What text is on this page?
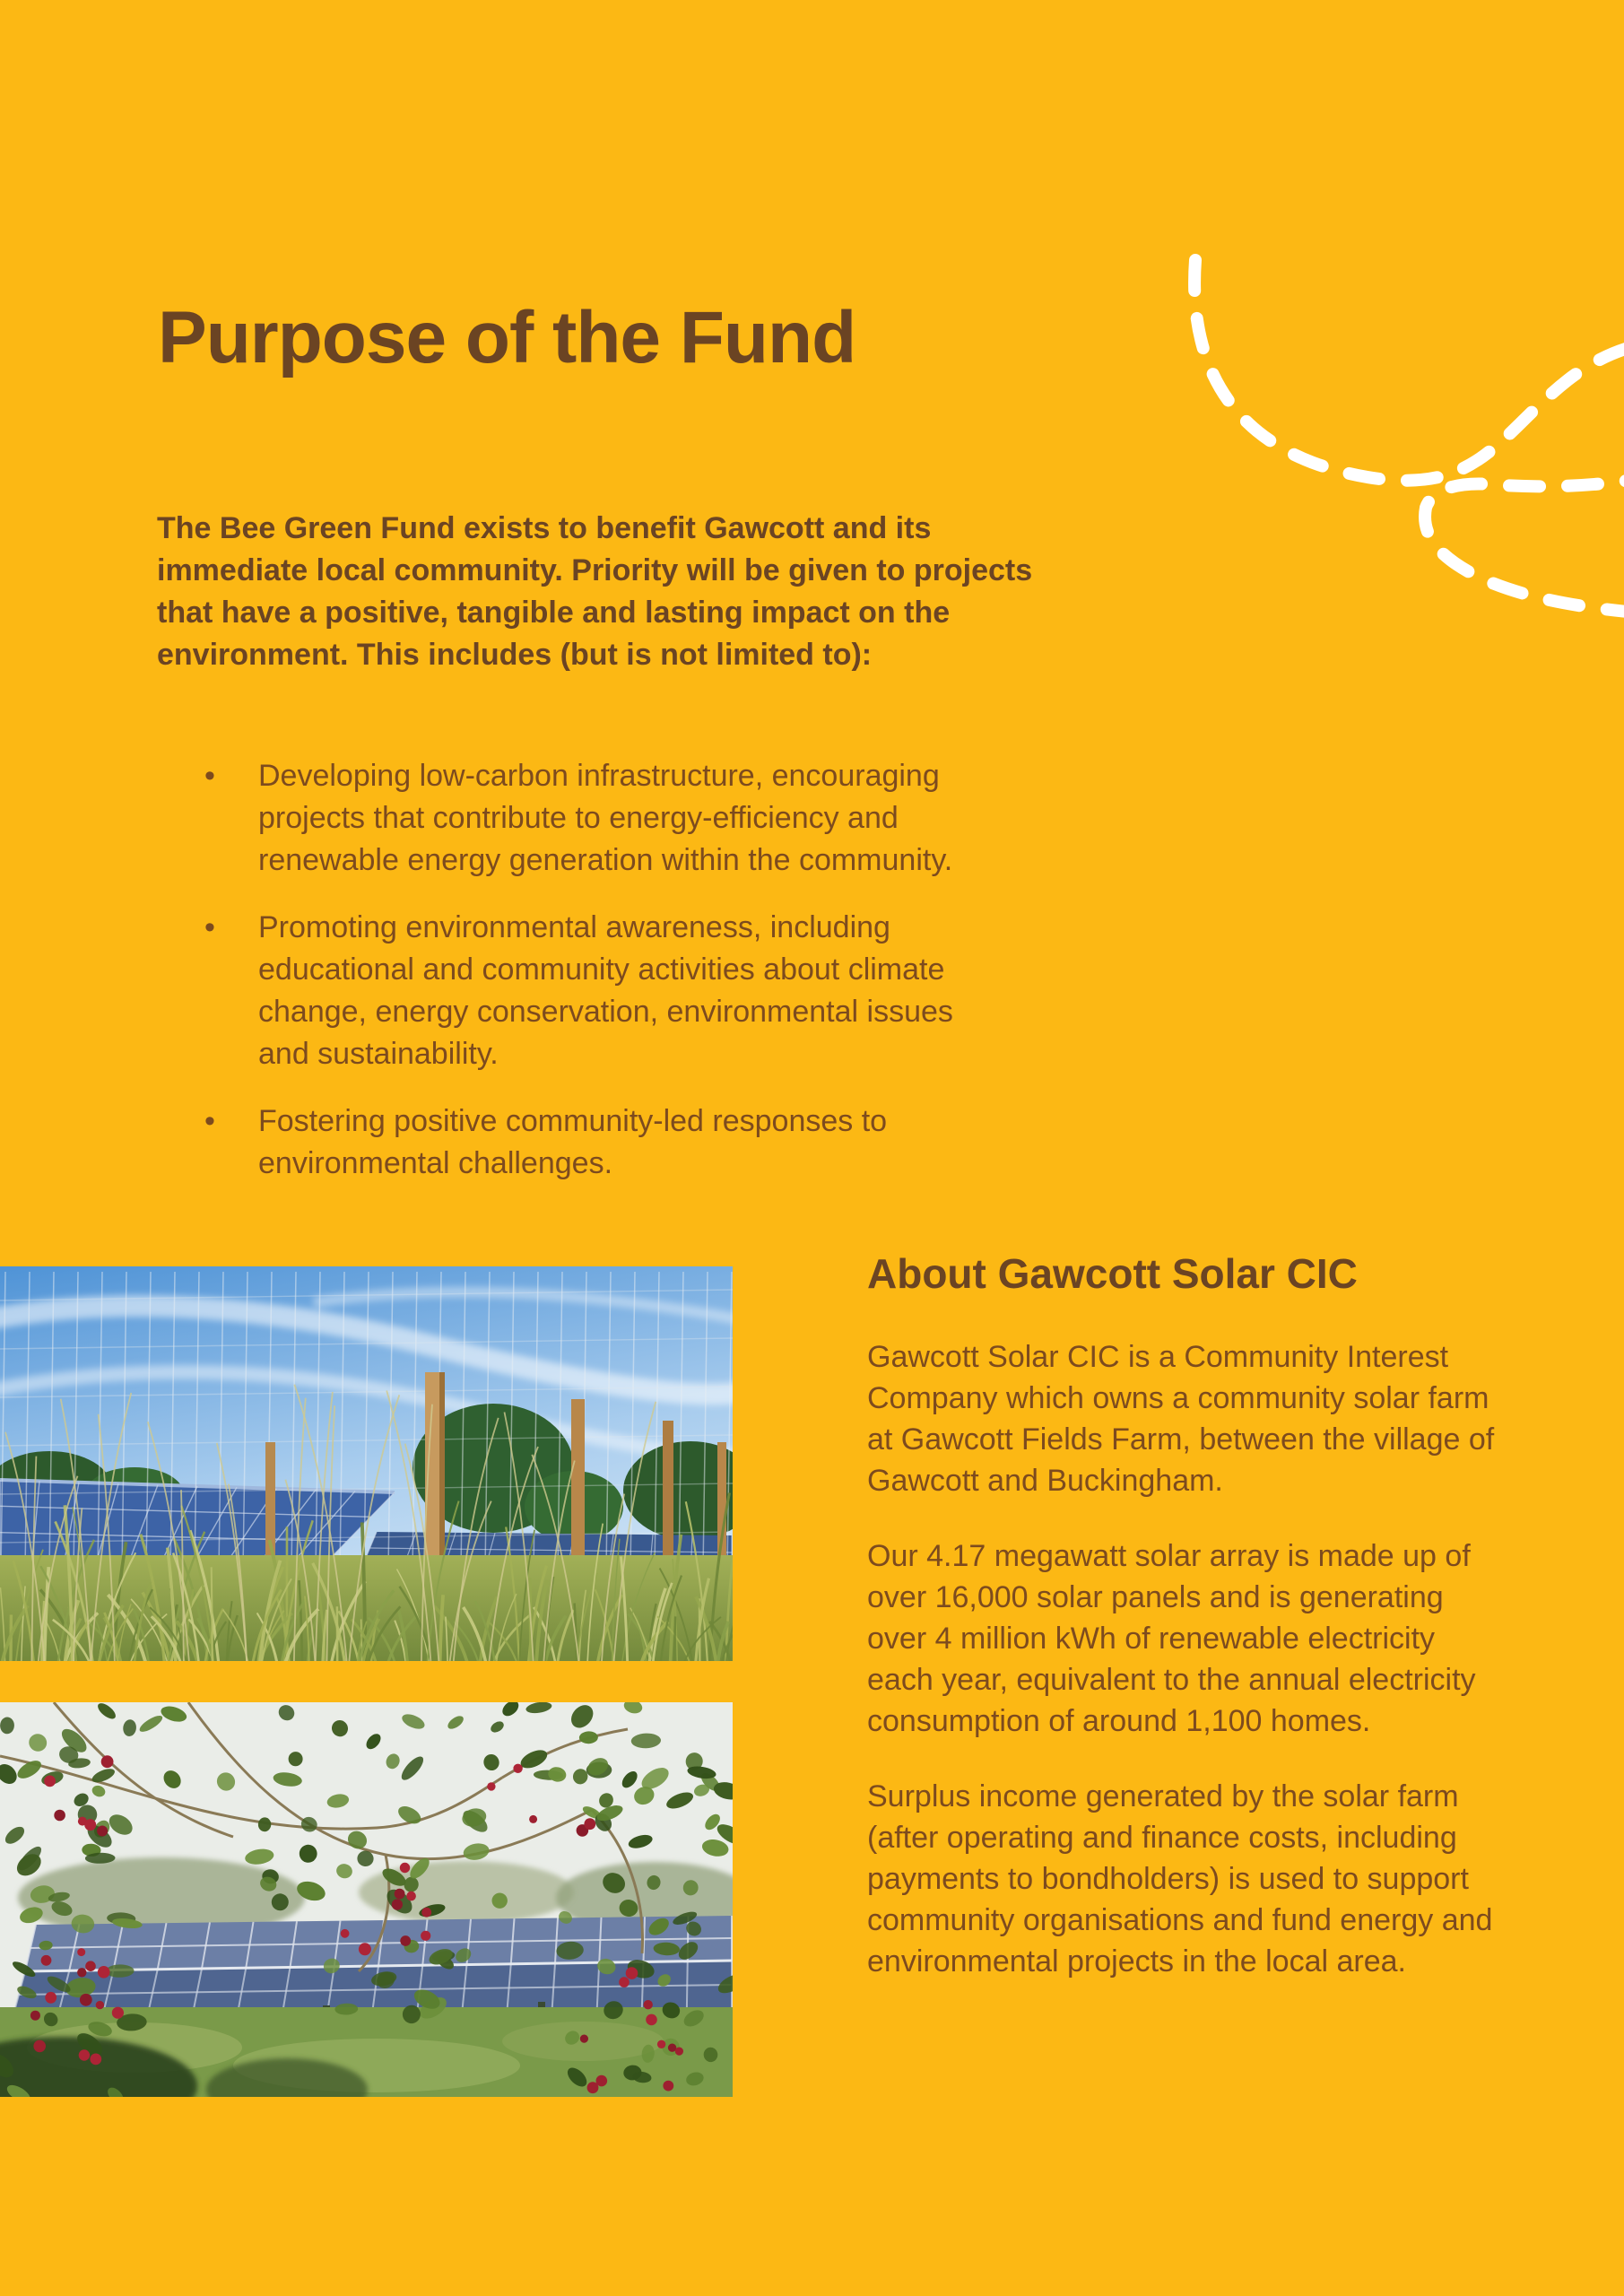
Purpose of the Fund
The Bee Green Fund exists to benefit Gawcott and its immediate local community. Priority will be given to projects that have a positive, tangible and lasting impact on the environment. This includes (but is not limited to):
•	Developing low-carbon infrastructure, encouraging projects that contribute to energy-efficiency and renewable energy generation within the community.
•	Promoting environmental awareness, including educational and community activities about climate change, energy conservation, environmental issues and sustainability.
•	Fostering positive community-led responses to environmental challenges.
About Gawcott Solar CIC

Gawcott Solar CIC is a Community Interest Company which owns a community solar farm at Gawcott Fields Farm, between the village of Gawcott and Buckingham.

Our 4.17 megawatt solar array is made up of over 16,000 solar panels and is generating over 4 million kWh of renewable electricity each year, equivalent to the annual electricity consumption of around 1,100 homes.

Surplus income generated by the solar farm (after operating and finance costs, including payments to bondholders) is used to support community organisations and fund energy and environmental projects in the local area.
